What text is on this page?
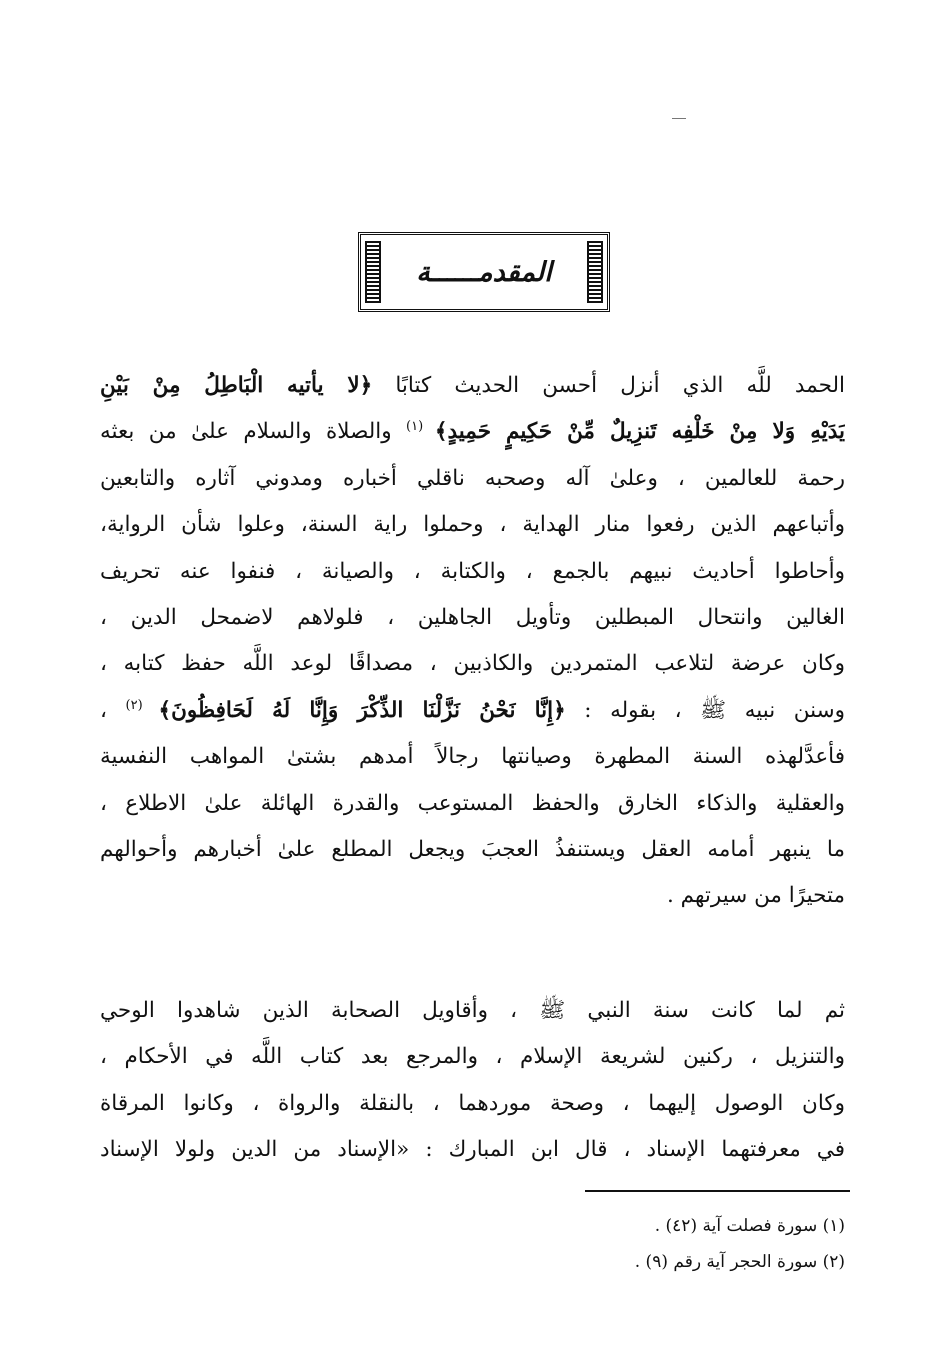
المقدمــــــة
الحمد للَّه الذي أنزل أحسن الحديث كتابًا ﴿لا يأتيه الْبَاطِلُ مِنْ بَيْنِ
يَدَيْهِ وَلا مِنْ خَلْفِه تَنزِيلٌ مِّنْ حَكِيمٍ حَمِيدٍ﴾ $^{(١)}$ والصلاة والسلام علىٰ من بعثه
رحمة للعالمين ، وعلىٰ آله وصحبه ناقلي أخباره ومدوني آثاره والتابعين
وأتباعهم الذين رفعوا منار الهداية ، وحملوا راية السنة، وعلوا شأن الرواية،
وأحاطوا أحاديث نبيهم بالجمع ، والكتابة ، والصيانة ، فنفوا عنه تحريف
الغالين وانتحال المبطلين وتأويل الجاهلين ، فلولاهم لاضمحل الدين ،
وكان عرضة لتلاعب المتمردين والكاذبين ، مصداقًا لوعد اللَّه حفظ كتابه ،
وسنن نبيه ﷺ ، بقوله : ﴿إِنَّا نَحْنُ نَزَّلْنَا الذِّكْرَ وَإِنَّا لَهُ لَحَافِظُونَ﴾ $^{(٢)}$ ،
فأعدَّلهذه السنة المطهرة وصيانتها رجالاً أمدهم بشتىٰ المواهب النفسية
والعقلية والذكاء الخارق والحفظ المستوعب والقدرة الهائلة علىٰ الاطلاع ،
ما ينبهر أمامه العقل ويستنفذُ العجبَ ويجعل المطلع علىٰ أخبارهم وأحوالهم
متحيرًا من سيرتهم .
ثم لما كانت سنة النبي ﷺ ، وأقاويل الصحابة الذين شاهدوا الوحي
والتنزيل ، ركنين لشريعة الإسلام ، والمرجع بعد كتاب اللَّه في الأحكام ،
وكان الوصول إليهما ، وصحة موردهما ، بالنقلة والرواة ، وكانوا المرقاة
في معرفتهما الإسناد ، قال ابن المبارك : «الإسناد من الدين ولولا الإسناد
(١) سورة فصلت آية (٤٢) .
(٢) سورة الحجر آية رقم (٩) .
